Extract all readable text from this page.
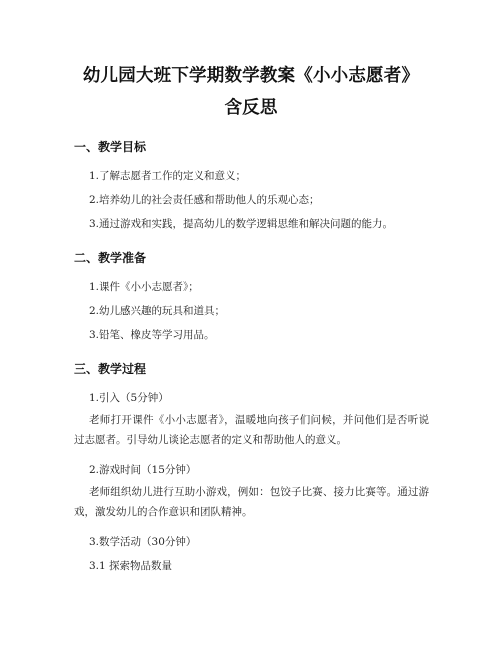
幼儿园大班下学期数学教案《小小志愿者》
含反思
一、教学目标
1.了解志愿者工作的定义和意义；
2.培养幼儿的社会责任感和帮助他人的乐观心态；
3.通过游戏和实践，提高幼儿的数学逻辑思维和解决问题的能力。
二、教学准备
1.课件《小小志愿者》；
2.幼儿感兴趣的玩具和道具；
3.铅笔、橡皮等学习用品。
三、教学过程
1.引入（5分钟）
老师打开课件《小小志愿者》，温暖地向孩子们问候，并问他们是否听说过志愿者。引导幼儿谈论志愿者的定义和帮助他人的意义。
2.游戏时间（15分钟）
老师组织幼儿进行互助小游戏，例如：包饺子比赛、接力比赛等。通过游戏，激发幼儿的合作意识和团队精神。
3.数学活动（30分钟）
3.1 探索物品数量
